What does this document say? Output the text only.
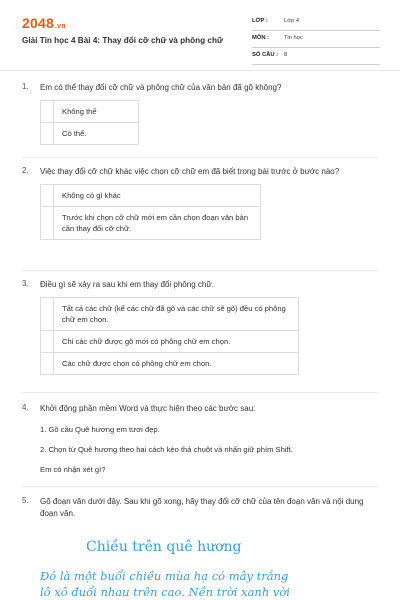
2048.vn
Giải Tin học 4 Bài 4: Thay đổi cỡ chữ và phông chữ
LỚP :	Lớp 4
MÔN :	Tin học
SỐ CÂU : 8
1.	Em có thể thay đổi cỡ chữ và phông chữ của văn bản đã gõ không?
Không thể
Có thể.
2.	Việc thay đổi cỡ chữ khác việc chọn cỡ chữ em đã biết trong bài trước ở bước nào?
Không có gì khác
Trước khi chọn cỡ chữ mới em cần chọn đoạn văn bản cần thay đổi cỡ chữ.
3.	Điều gì sẽ xảy ra sau khi em thay đổi phông chữ.
Tất cả các chữ (kể các chữ đã gõ và các chữ sẽ gõ) đều có phông chữ em chọn.
Chỉ các chữ được gõ mới có phông chữ em chọn.
Các chữ được chọn có phông chữ em chọn.
4.	Khởi động phần mềm Word và thực hiện theo các bước sau:
1. Gõ câu Quê hương em tươi đẹp.
2. Chọn từ Quê hương theo hai cách kéo thả chuột và nhấn giữ phím Shift.
Em có nhận xét gì?
5.	Gõ đoạn văn dưới đây. Sau khi gõ xong, hãy thay đổi cỡ chữ của tên đoạn văn và nội dung đoạn văn.
Chiều trên quê hương
Đó là một buổi chiều mùa hạ có mây trắng
lô xô đuổi nhau trên cao. Nền trời xanh vời
